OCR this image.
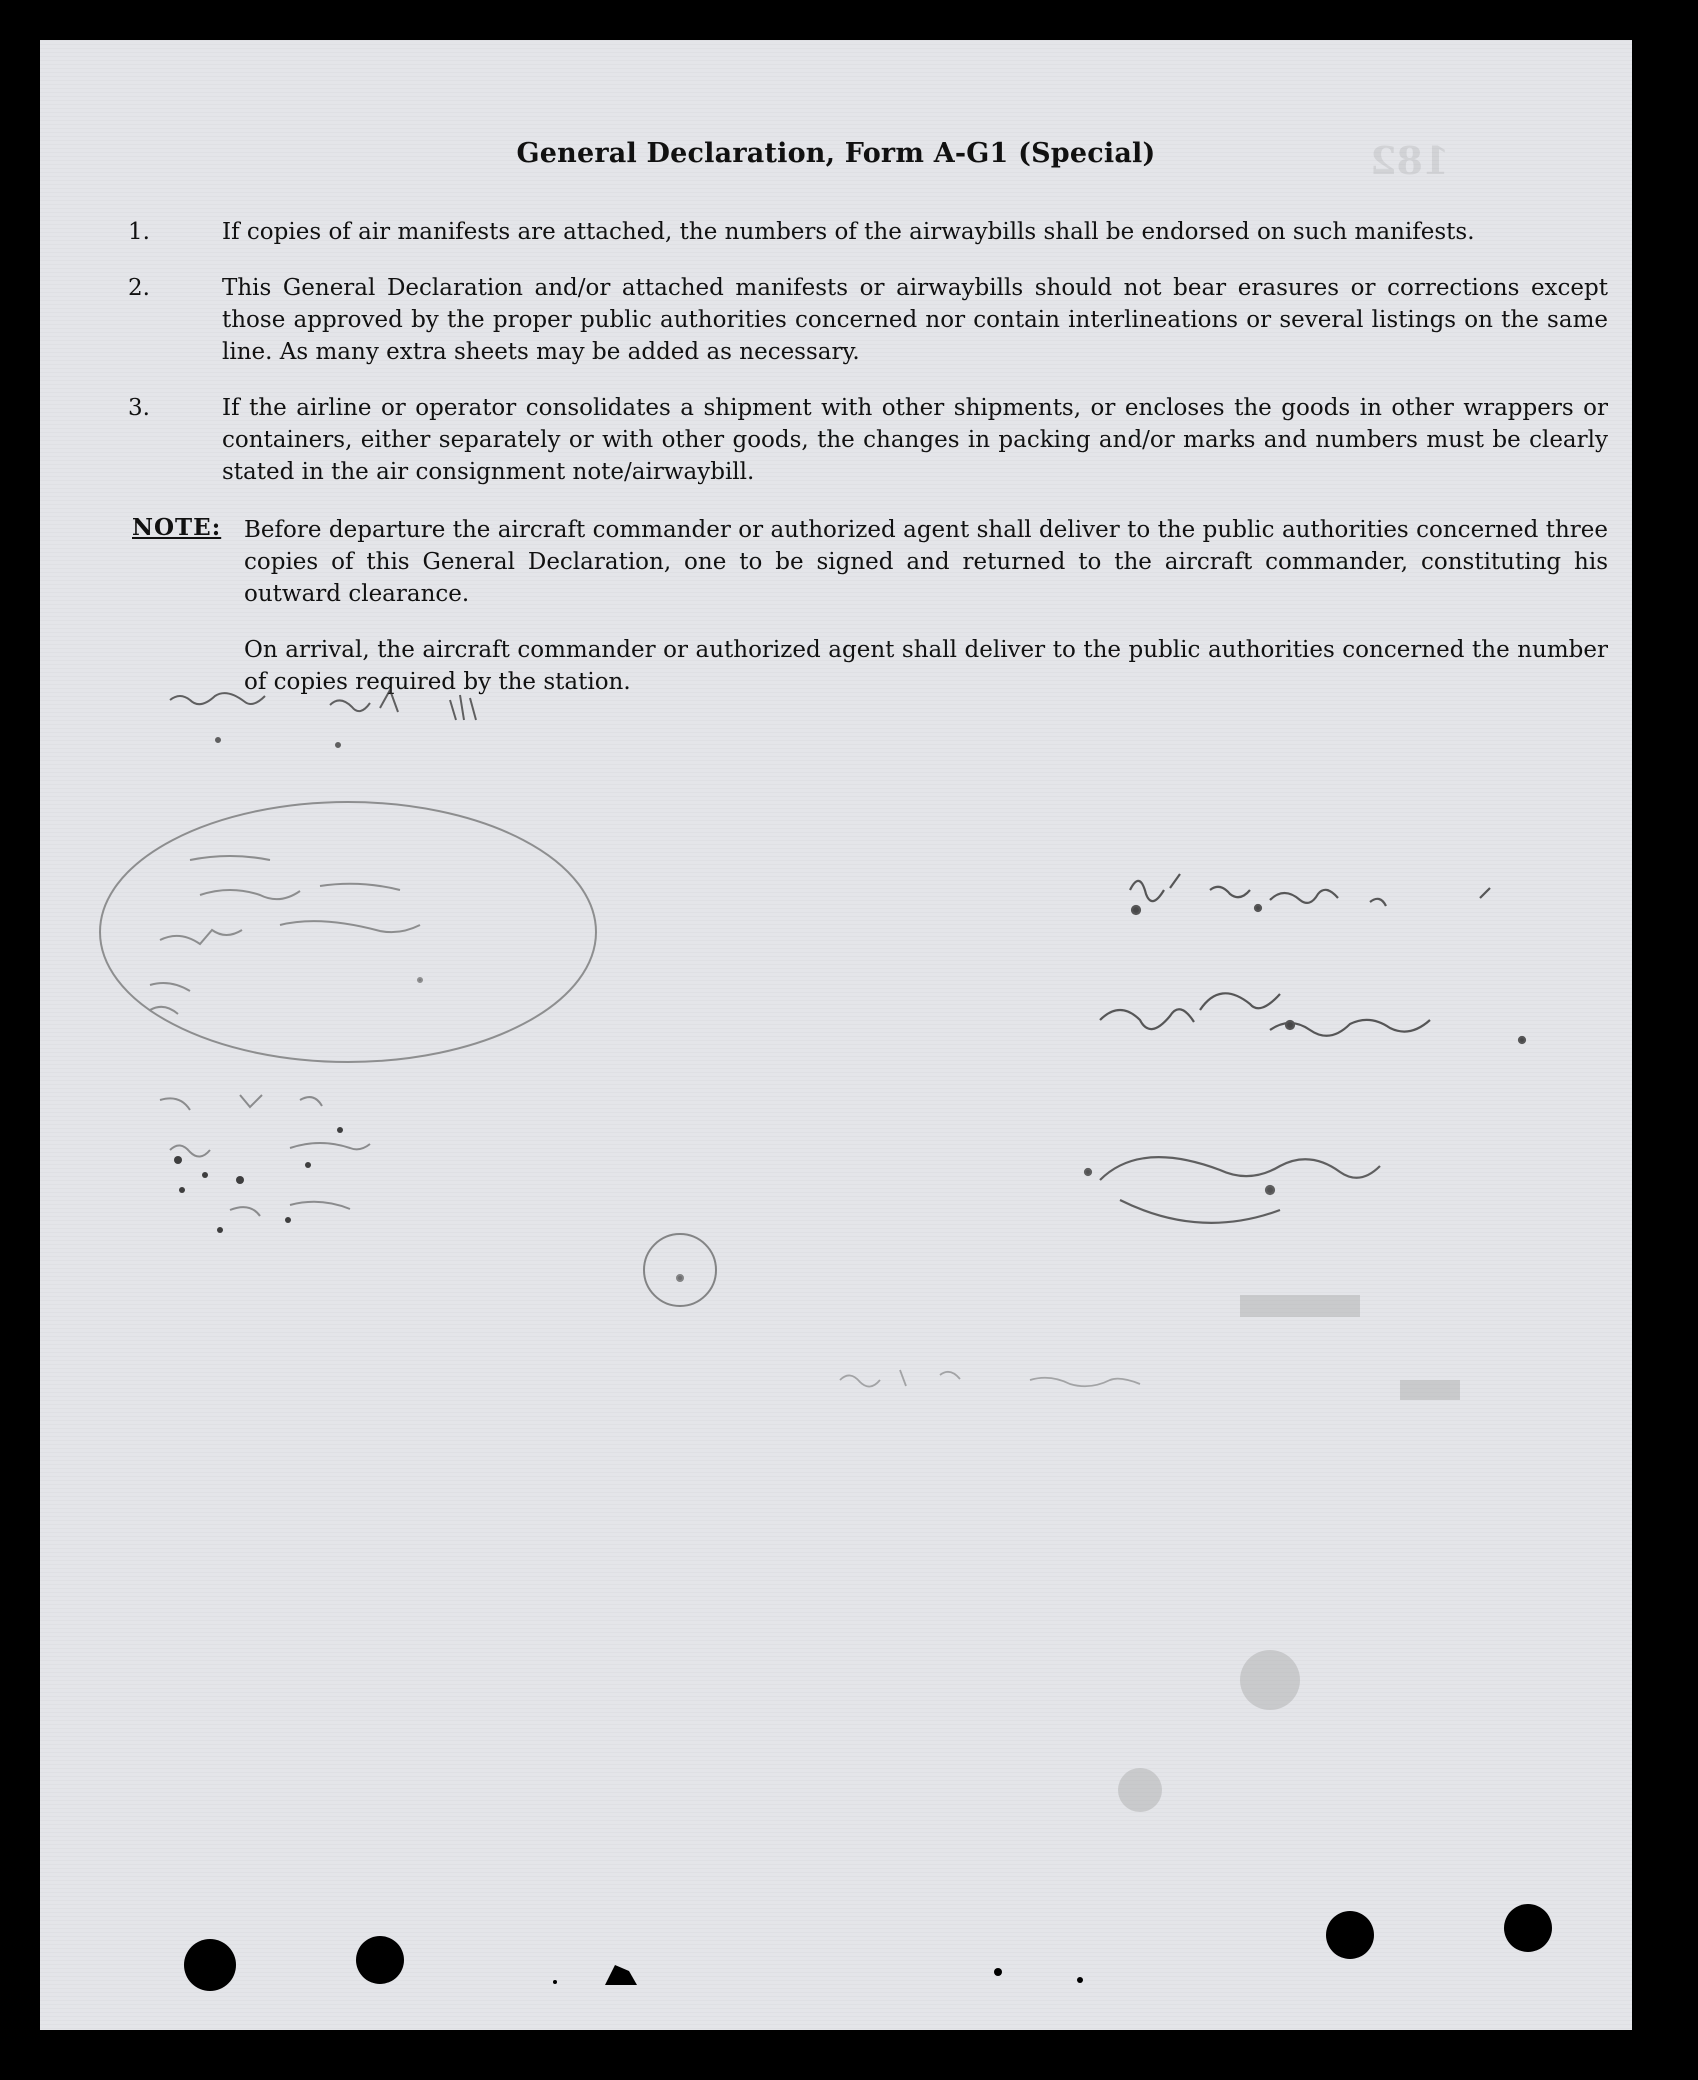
182
General Declaration, Form A-G1 (Special)
1.	If copies of air manifests are attached, the numbers of the airwaybills shall be endorsed on such manifests.
2.	This General Declaration and/or attached manifests or airwaybills should not bear erasures or corrections except those approved by the proper public authorities concerned nor contain interlineations or several listings on the same line. As many extra sheets may be added as necessary.
3.	If the airline or operator consolidates a shipment with other shipments, or encloses the goods in other wrappers or containers, either separately or with other goods, the changes in packing and/or marks and numbers must be clearly stated in the air consignment note/airwaybill.
NOTE: Before departure the aircraft commander or authorized agent shall deliver to the public authorities concerned three copies of this General Declaration, one to be signed and returned to the aircraft commander, constituting his outward clearance.
On arrival, the aircraft commander or authorized agent shall deliver to the public authorities concerned the number of copies required by the station.
